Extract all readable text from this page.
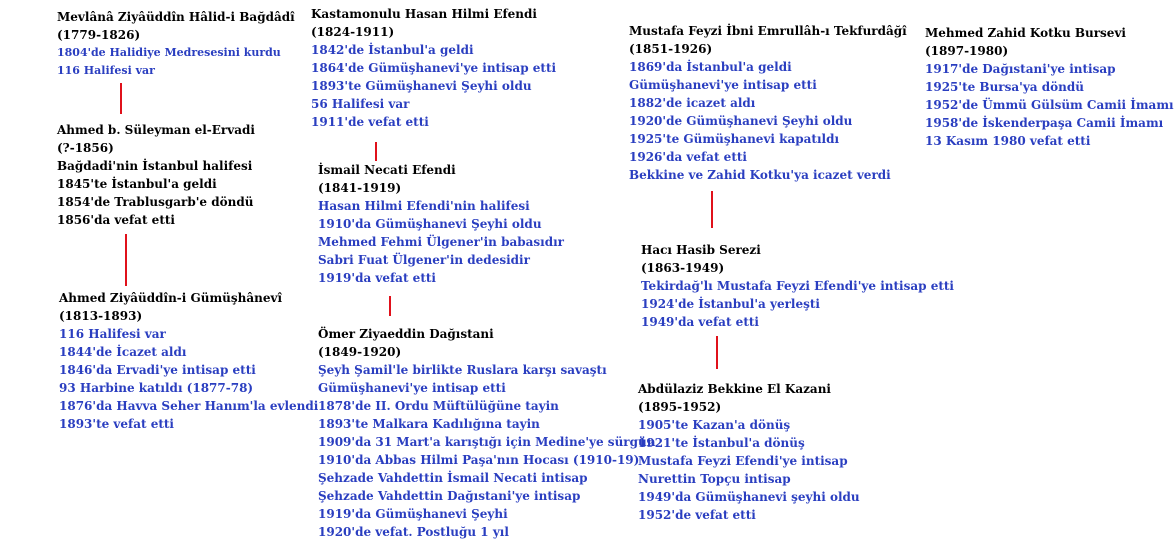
Mevlânâ Ziyâüddîn Hâlid-i Bağdâdî
(1779-1826)
1804'de Halidiye Medresesini kurdu
116 Halifesi var
Ahmed b. Süleyman el-Ervadi
(?-1856)
Bağdadi'nin İstanbul halifesi
1845'te İstanbul'a geldi
1854'de Trablusgarb'e döndü
1856'da vefat etti
Ahmed Ziyâüddîn-i Gümüşhânevî
(1813-1893)
116 Halifesi var
1844'de İcazet aldı
1846'da Ervadi'ye intisap etti
93 Harbine katıldı (1877-78)
1876'da Havva Seher Hanım'la evlendi
1893'te vefat etti
Kastamonulu Hasan Hilmi Efendi
(1824-1911)
1842'de İstanbul'a geldi
1864'de Gümüşhanevi'ye intisap etti
1893'te Gümüşhanevi Şeyhi oldu
56 Halifesi var
1911'de vefat etti
İsmail Necati Efendi
(1841-1919)
Hasan Hilmi Efendi'nin halifesi
1910'da Gümüşhanevi Şeyhi oldu
Mehmed Fehmi Ülgener'in babasıdır
Sabri Fuat Ülgener'in dedesidir
1919'da vefat etti
Ömer Ziyaeddin Dağıstani
(1849-1920)
Şeyh Şamil'le birlikte Ruslara karşı savaştı
Gümüşhanevi'ye intisap etti
1878'de II. Ordu Müftülüğüne tayin
1893'te Malkara Kadılığına tayin
1909'da 31 Mart'a karıştığı için Medine'ye sürgün
1910'da Abbas Hilmi Paşa'nın Hocası (1910-19)
Şehzade Vahdettin İsmail Necati intisap
Şehzade Vahdettin Dağıstani'ye intisap
1919'da Gümüşhanevi Şeyhi
1920'de vefat. Postluğu 1 yıl
Mustafa Feyzi İbni Emrullâh-ı Tekfurdâğî
(1851-1926)
1869'da İstanbul'a geldi
Gümüşhanevi'ye intisap etti
1882'de icazet aldı
1920'de Gümüşhanevi Şeyhi oldu
1925'te Gümüşhanevi kapatıldı
1926'da vefat etti
Bekkine ve Zahid Kotku'ya icazet verdi
Hacı Hasib Serezi
(1863-1949)
Tekirdağ'lı Mustafa Feyzi Efendi'ye intisap etti
1924'de İstanbul'a yerleşti
1949'da vefat etti
Abdülaziz Bekkine El Kazani
(1895-1952)
1905'te Kazan'a dönüş
1921'te İstanbul'a dönüş
Mustafa Feyzi Efendi'ye intisap
Nurettin Topçu intisap
1949'da Gümüşhanevi şeyhi oldu
1952'de vefat etti
Mehmed Zahid Kotku Bursevi
(1897-1980)
1917'de Dağıstani'ye intisap
1925'te Bursa'ya döndü
1952'de Ümmü Gülsüm Camii İmamı
1958'de İskenderpaşa Camii İmamı
13 Kasım 1980 vefat etti
